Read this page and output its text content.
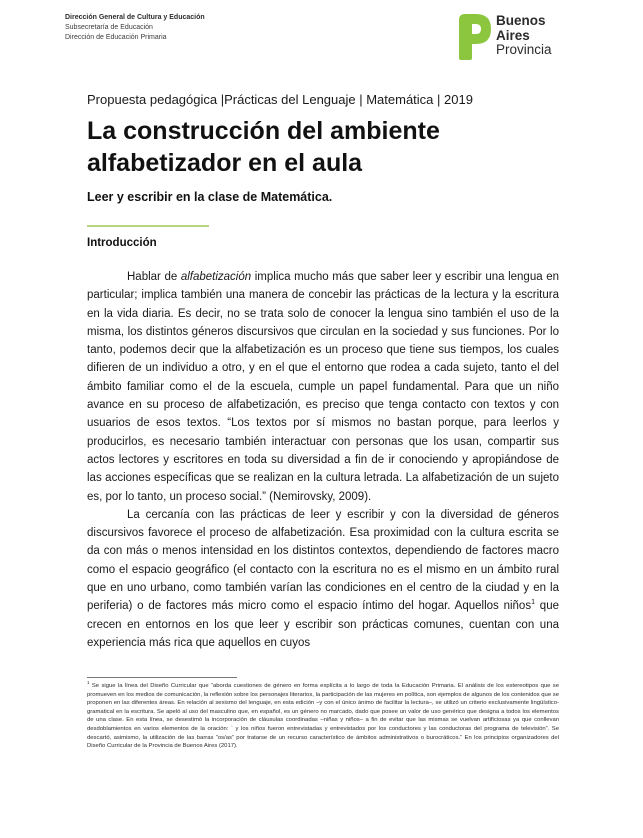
Dirección General de Cultura y Educación
Subsecretaría de Educación
Dirección de Educación Primaria
Buenos
Aires
Provincia
Propuesta pedagógica |Prácticas del Lenguaje | Matemática | 2019
La construcción del ambiente alfabetizador en el aula
Leer y escribir en la clase de Matemática.
Introducción

Hablar de alfabetización implica mucho más que saber leer y escribir una lengua en particular; implica también una manera de concebir las prácticas de la lectura y la escritura en la vida diaria. Es decir, no se trata solo de conocer la lengua sino también el uso de la misma, los distintos géneros discursivos que circulan en la sociedad y sus funciones. Por lo tanto, podemos decir que la alfabetización es un proceso que tiene sus tiempos, los cuales difieren de un individuo a otro, y en el que el entorno que rodea a cada sujeto, tanto el del ámbito familiar como el de la escuela, cumple un papel fundamental. Para que un niño avance en su proceso de alfabetización, es preciso que tenga contacto con textos y con usuarios de esos textos. “Los textos por sí mismos no bastan porque, para leerlos y producirlos, es necesario también interactuar con personas que los usan, compartir sus actos lectores y escritores en toda su diversidad a fin de ir conociendo y apropiándose de las acciones específicas que se realizan en la cultura letrada. La alfabetización de un sujeto es, por lo tanto, un proceso social.” (Nemirovsky, 2009).

La cercanía con las prácticas de leer y escribir y con la diversidad de géneros discursivos favorece el proceso de alfabetización. Esa proximidad con la cultura escrita se da con más o menos intensidad en los distintos contextos, dependiendo de factores macro como el espacio geográfico (el contacto con la escritura no es el mismo en un ámbito rural que en uno urbano, como también varían las condiciones en el centro de la ciudad y en la periferia) o de factores más micro como el espacio íntimo del hogar. Aquellos niños$^1$ que crecen en entornos en los que leer y escribir son prácticas comunes, cuentan con una experiencia más rica que aquellos en cuyos

$^1$ Se sigue la línea del Diseño Curricular que “aborda cuestiones de género en forma explícita a lo largo de toda la Educación Primaria. El análisis de los estereotipos que se promueven en los medios de comunicación, la reflexión sobre los personajes literarios, la participación de las mujeres en política, son ejemplos de algunos de los contenidos que se proponen en las diferentes áreas. En relación al sexismo del lenguaje, en esta edición –y con el único ánimo de facilitar la lectura–, se utilizó un criterio exclusivamente lingüístico-gramatical en la escritura. Se apeló al uso del masculino que, en español, es un género no marcado, dado que posee un valor de uso genérico que designa a todos los elementos de una clase. En esta línea, se desestimó la incorporación de cláusulas coordinadas –niñas y niños– a fin de evitar que las mismas se vuelvan artificiosas ya que conllevan desdoblamientos en varios elementos de la oración: ` y los niños fueron entrevistadas y entrevistados por los conductores y las conductoras del programa de televisión”. Se descartó, asimismo, la utilización de las barras “os/as” por tratarse de un recurso característico de ámbitos administrativos o burocráticos.” En los principios organizadores del Diseño Curricular de la Provincia de Buenos Aires (2017).
